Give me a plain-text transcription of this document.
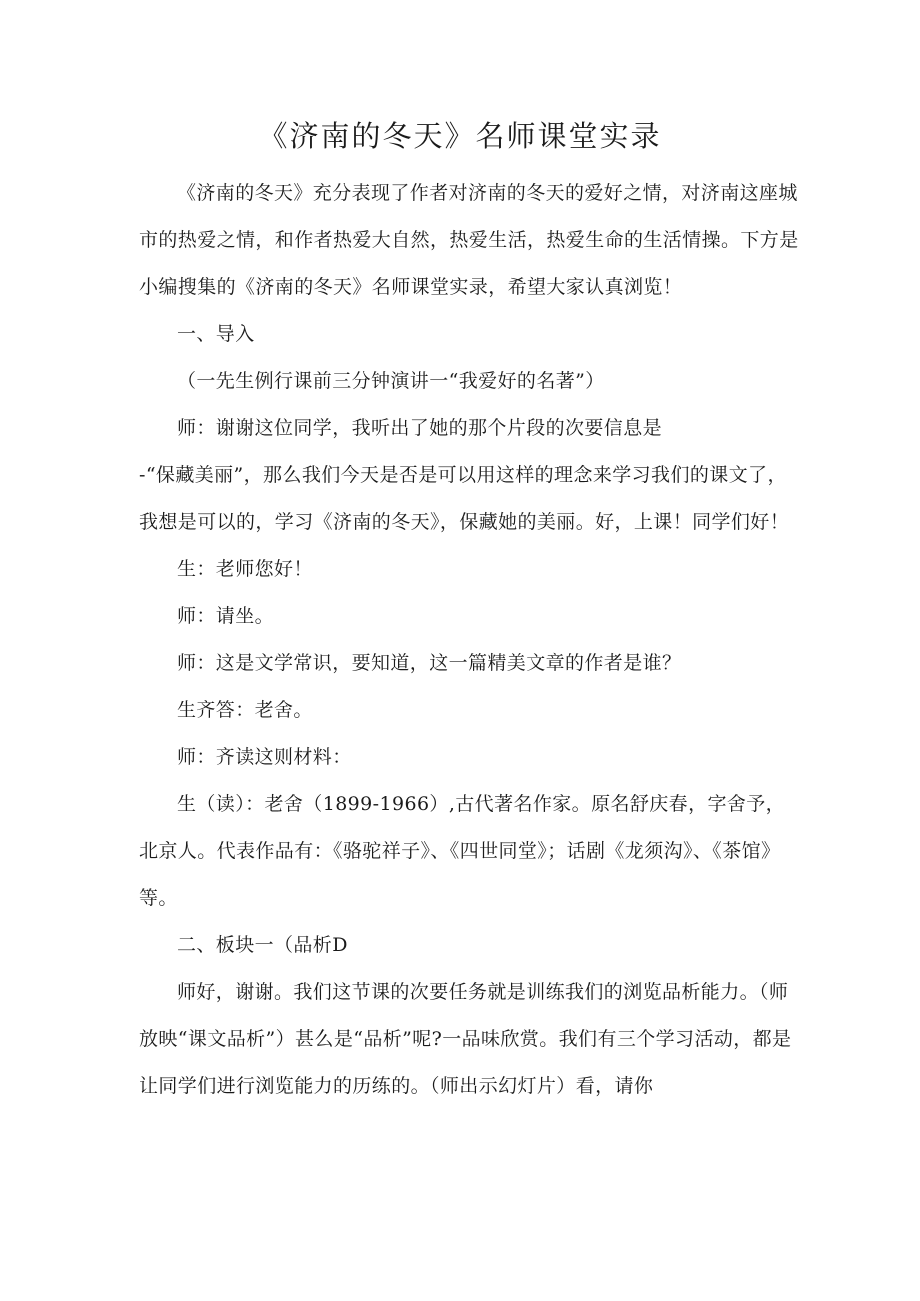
《济南的冬天》名师课堂实录

《济南的冬天》充分表现了作者对济南的冬天的爱好之情，对济南这座城市的热爱之情，和作者热爱大自然，热爱生活，热爱生命的生活情操。下方是小编搜集的《济南的冬天》名师课堂实录，希望大家认真浏览！

一、导入

（一先生例行课前三分钟演讲一“我爱好的名著”）

师：谢谢这位同学，我听出了她的那个片段的次要信息是

-“保藏美丽”，那么我们今天是否是可以用这样的理念来学习我们的课文了，我想是可以的，学习《济南的冬天》，保藏她的美丽。好，上课！同学们好！

生：老师您好！

师：请坐。

师：这是文学常识，要知道，这一篇精美文章的作者是谁？

生齐答：老舍。

师：齐读这则材料：

生（读）：老舍（1899-1966）,古代著名作家。原名舒庆春，字舍予，北京人。代表作品有：《骆驼祥子》、《四世同堂》；话剧《龙须沟》、《茶馆》等。

二、板块一（品析D

师好，谢谢。我们这节课的次要任务就是训练我们的浏览品析能力。（师放映“课文品析”）甚么是“品析”呢?一品味欣赏。我们有三个学习活动，都是让同学们进行浏览能力的历练的。（师出示幻灯片）看，请你
